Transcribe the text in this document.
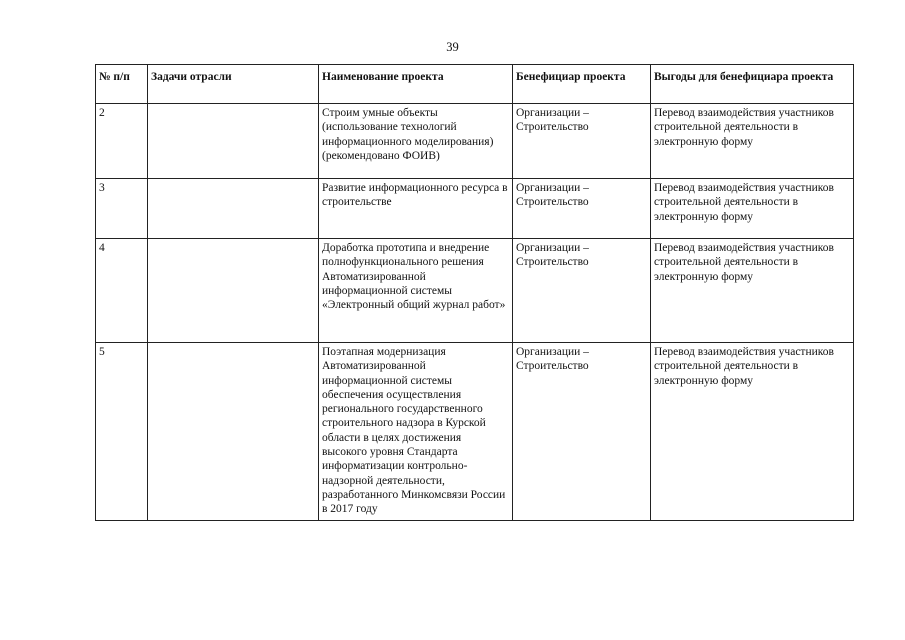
39
№ п/п	Задачи отрасли	Наименование проекта	Бенефициар проекта	Выгоды для бенефициара проекта
2		Строим умные объекты (использование технологий информационного моделирования) (рекомендовано ФОИВ)	Организации – Строительство	Перевод взаимодействия участников строительной деятельности в электронную форму
3		Развитие информационного ресурса в строительстве	Организации – Строительство	Перевод взаимодействия участников строительной деятельности в электронную форму
4		Доработка прототипа и внедрение полнофункционального решения Автоматизированной информационной системы «Электронный общий журнал работ»	Организации – Строительство	Перевод взаимодействия участников строительной деятельности в электронную форму
5		Поэтапная модернизация Автоматизированной информационной системы обеспечения осуществления регионального государственного строительного надзора в Курской области в целях достижения высокого уровня Стандарта информатизации контрольно-надзорной деятельности, разработанного Минкомсвязи России в 2017 году	Организации – Строительство	Перевод взаимодействия участников строительной деятельности в электронную форму
